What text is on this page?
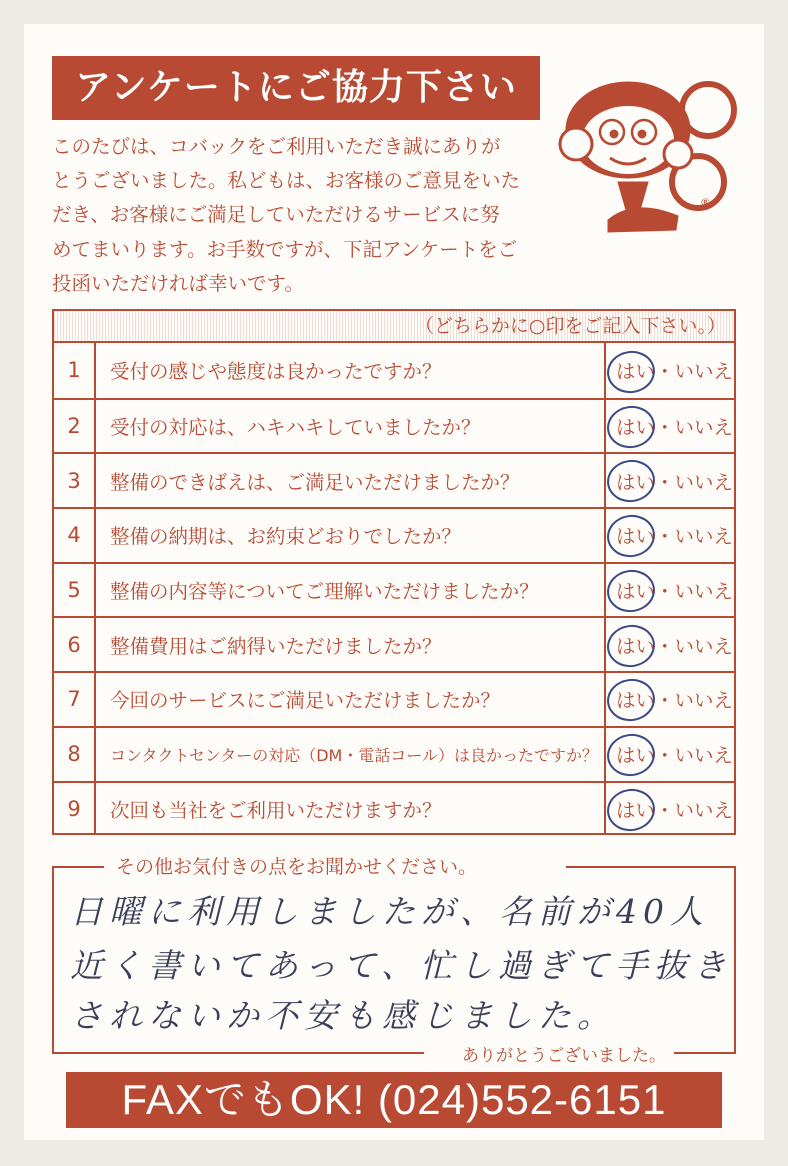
アンケートにご協力下さい
このたびは、コバックをご利用いただき誠にありが
とうございました。私どもは、お客様のご意見をいた
だき、お客様にご満足していただけるサービスに努
めてまいります。お手数ですが、下記アンケートをご
投函いただければ幸いです。
®
（どちらかに○印をご記入下さい。）
1	受付の感じや態度は良かったですか？	はい ・ いいえ
2	受付の対応は、ハキハキしていましたか？	はい ・ いいえ
3	整備のできばえは、ご満足いただけましたか？	はい ・ いいえ
4	整備の納期は、お約束どおりでしたか？	はい ・ いいえ
5	整備の内容等についてご理解いただけましたか？	はい ・ いいえ
6	整備費用はご納得いただけましたか？	はい ・ いいえ
7	今回のサービスにご満足いただけましたか？	はい ・ いいえ
8	コンタクトセンターの対応（DM・電話コール）は良かったですか？ はい ・ いいえ
9	次回も当社をご利用いただけますか？	はい ・ いいえ
その他お気付きの点をお聞かせください。
ありがとうございました。
日曜に利用しましたが、名前が40人
近く書いてあって、忙し過ぎて手抜き
されないか不安も感じました。
FAXでもOK! (024)552-6151
